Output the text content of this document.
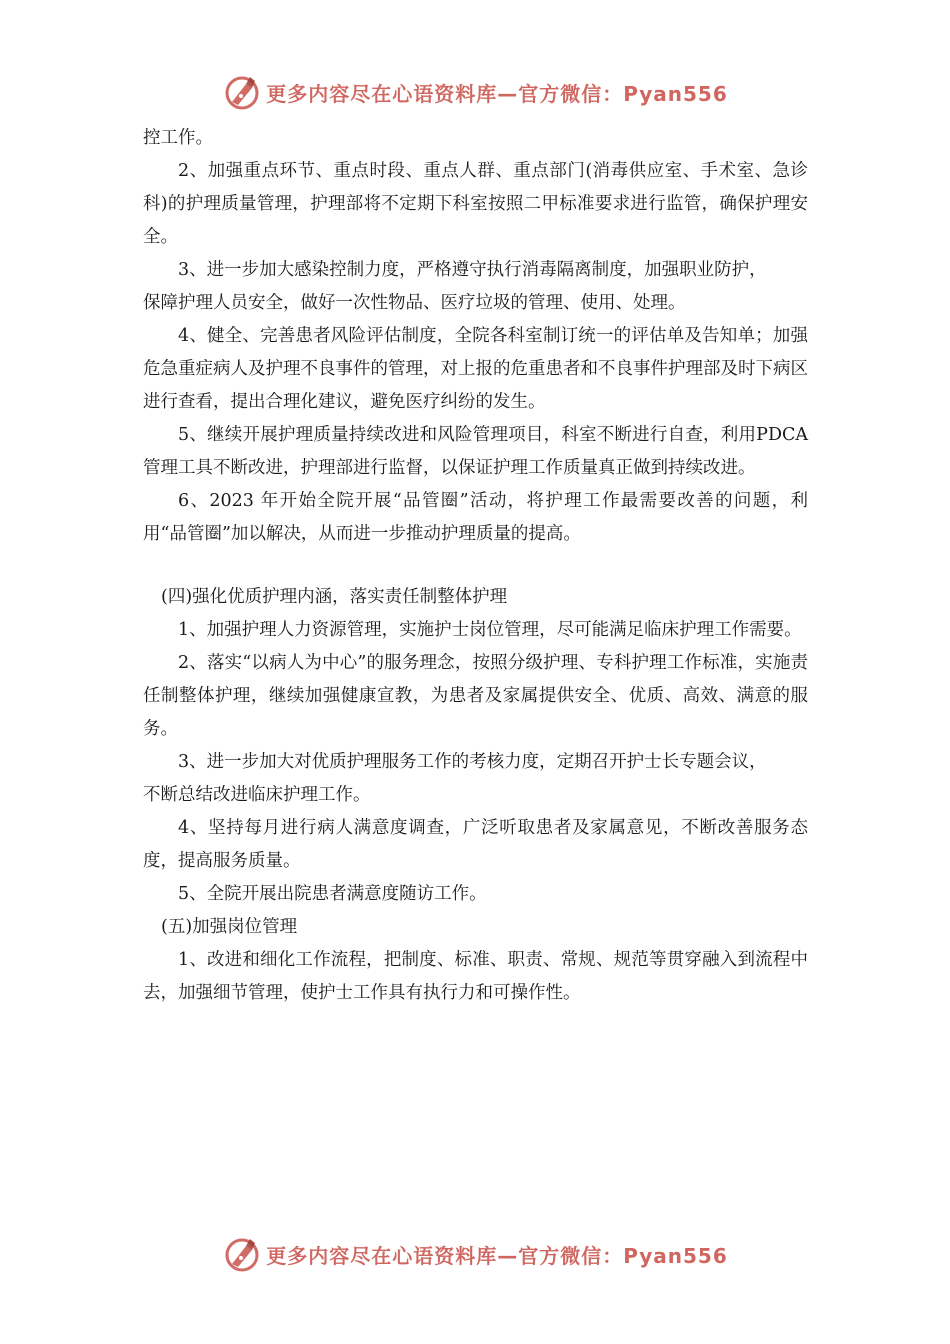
更多内容尽在心语资料库—官方微信：Pyan556

控工作。

2、加强重点环节、重点时段、重点人群、重点部门(消毒供应室、手术室、急诊科)的护理质量管理，护理部将不定期下科室按照二甲标准要求进行监管，确保护理安全。

3、进一步加大感染控制力度，严格遵守执行消毒隔离制度，加强职业防护，

保障护理人员安全，做好一次性物品、医疗垃圾的管理、使用、处理。

4、健全、完善患者风险评估制度，全院各科室制订统一的评估单及告知单；加强危急重症病人及护理不良事件的管理，对上报的危重患者和不良事件护理部及时下病区进行查看，提出合理化建议，避免医疗纠纷的发生。

5、继续开展护理质量持续改进和风险管理项目，科室不断进行自查，利用PDCA 管理工具不断改进，护理部进行监督，以保证护理工作质量真正做到持续改进。

6、2023 年开始全院开展“品管圈”活动，将护理工作最需要改善的问题，利用“品管圈”加以解决，从而进一步推动护理质量的提高。

(四)强化优质护理内涵，落实责任制整体护理

1、加强护理人力资源管理，实施护士岗位管理，尽可能满足临床护理工作需要。

2、落实“以病人为中心”的服务理念，按照分级护理、专科护理工作标准，实施责任制整体护理，继续加强健康宣教，为患者及家属提供安全、优质、高效、满意的服务。

3、进一步加大对优质护理服务工作的考核力度，定期召开护士长专题会议，

不断总结改进临床护理工作。

4、坚持每月进行病人满意度调查，广泛听取患者及家属意见，不断改善服务态度，提高服务质量。

5、全院开展出院患者满意度随访工作。

(五)加强岗位管理

1、改进和细化工作流程，把制度、标准、职责、常规、规范等贯穿融入到流程中去，加强细节管理，使护士工作具有执行力和可操作性。

更多内容尽在心语资料库—官方微信：Pyan556
